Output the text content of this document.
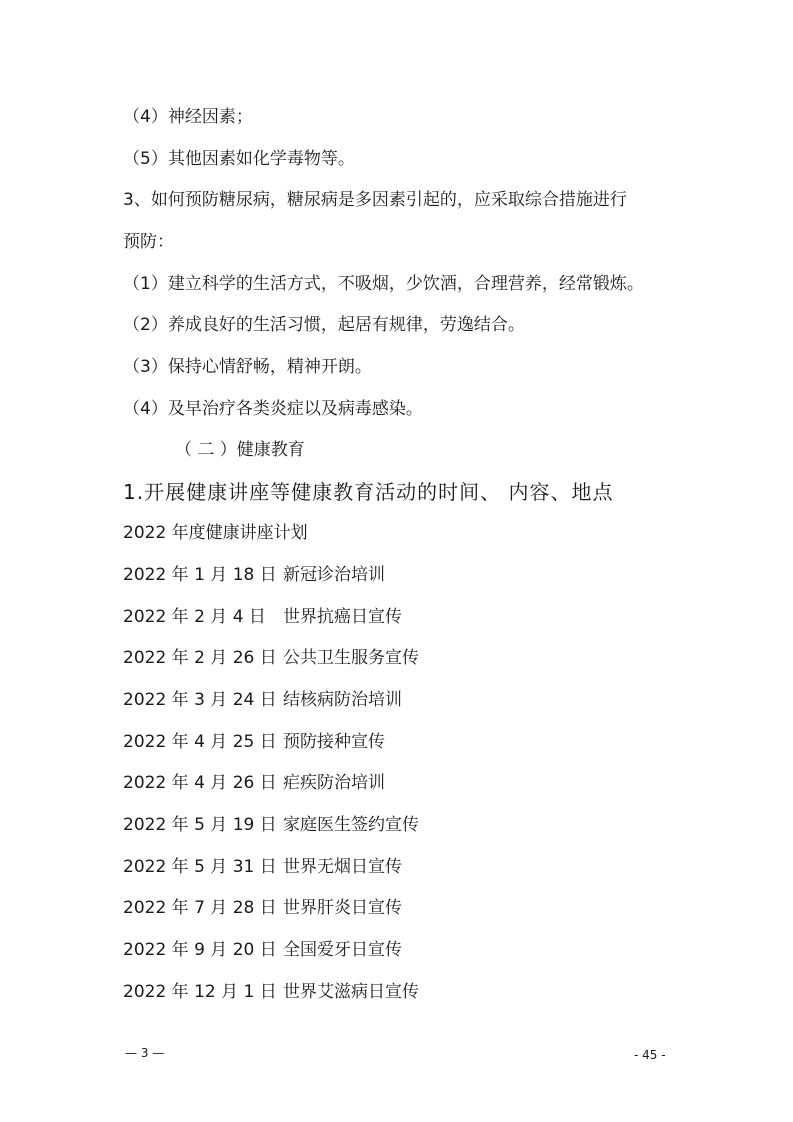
（4）神经因素；
（5）其他因素如化学毒物等。
3、如何预防糖尿病，糖尿病是多因素引起的，应采取综合措施进行
预防：
（1）建立科学的生活方式，不吸烟，少饮酒，合理营养，经常锻炼。
（2）养成良好的生活习惯，起居有规律，劳逸结合。
（3）保持心情舒畅，精神开朗。
（4）及早治疗各类炎症以及病毒感染。
（ 二 ）健康教育
1.开展健康讲座等健康教育活动的时间、 内容、地点
2022 年度健康讲座计划
2022 年 1 月 18 日 新冠诊治培训
2022 年 2 月 4 日 世界抗癌日宣传
2022 年 2 月 26 日 公共卫生服务宣传
2022 年 3 月 24 日 结核病防治培训
2022 年 4 月 25 日 预防接种宣传
2022 年 4 月 26 日 疟疾防治培训
2022 年 5 月 19 日 家庭医生签约宣传
2022 年 5 月 31 日 世界无烟日宣传
2022 年 7 月 28 日 世界肝炎日宣传
2022 年 9 月 20 日 全国爱牙日宣传
2022 年 12 月 1 日 世界艾滋病日宣传
— 3 —	- 45 -
